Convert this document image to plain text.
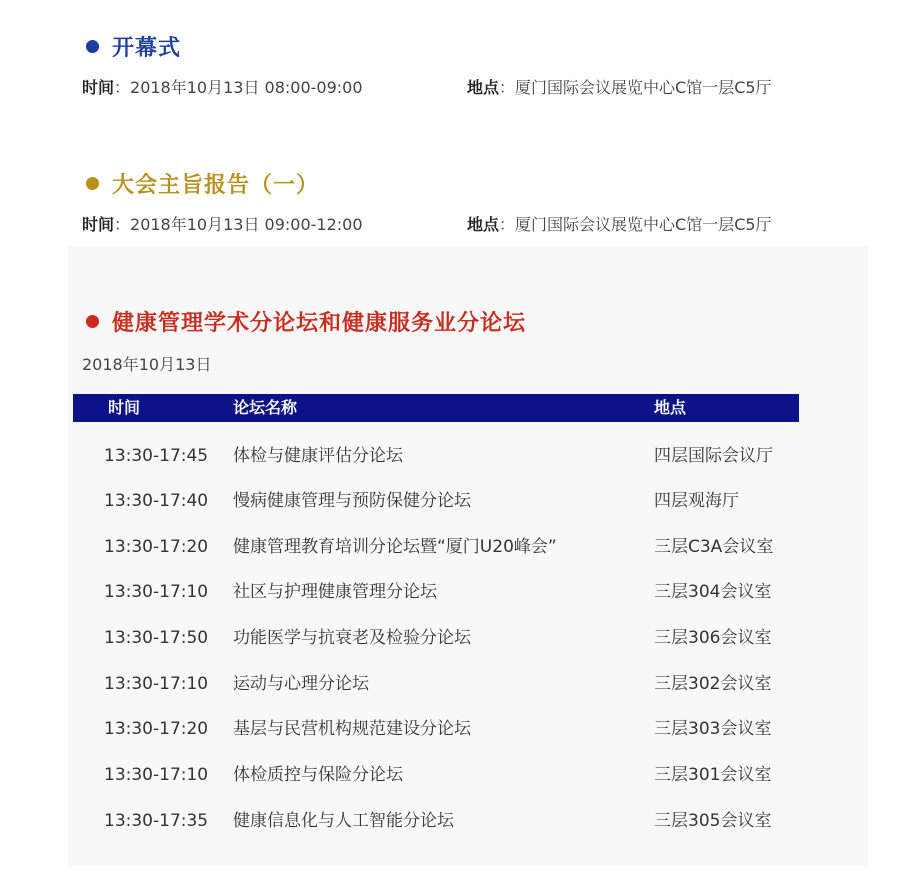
开幕式
时间：2018年10月13日 08:00-09:00	地点：厦门国际会议展览中心C馆一层C5厅
大会主旨报告（一）
时间：2018年10月13日 09:00-12:00	地点：厦门国际会议展览中心C馆一层C5厅
健康管理学术分论坛和健康服务业分论坛
2018年10月13日
时间	论坛名称	地点
13:30-17:45 体检与健康评估分论坛	四层国际会议厅
13:30-17:40 慢病健康管理与预防保健分论坛	四层观海厅
13:30-17:20 健康管理教育培训分论坛暨“厦门U20峰会”	三层C3A会议室
13:30-17:10 社区与护理健康管理分论坛	三层304会议室
13:30-17:50 功能医学与抗衰老及检验分论坛	三层306会议室
13:30-17:10 运动与心理分论坛	三层302会议室
13:30-17:20 基层与民营机构规范建设分论坛	三层303会议室
13:30-17:10 体检质控与保险分论坛	三层301会议室
13:30-17:35 健康信息化与人工智能分论坛	三层305会议室
